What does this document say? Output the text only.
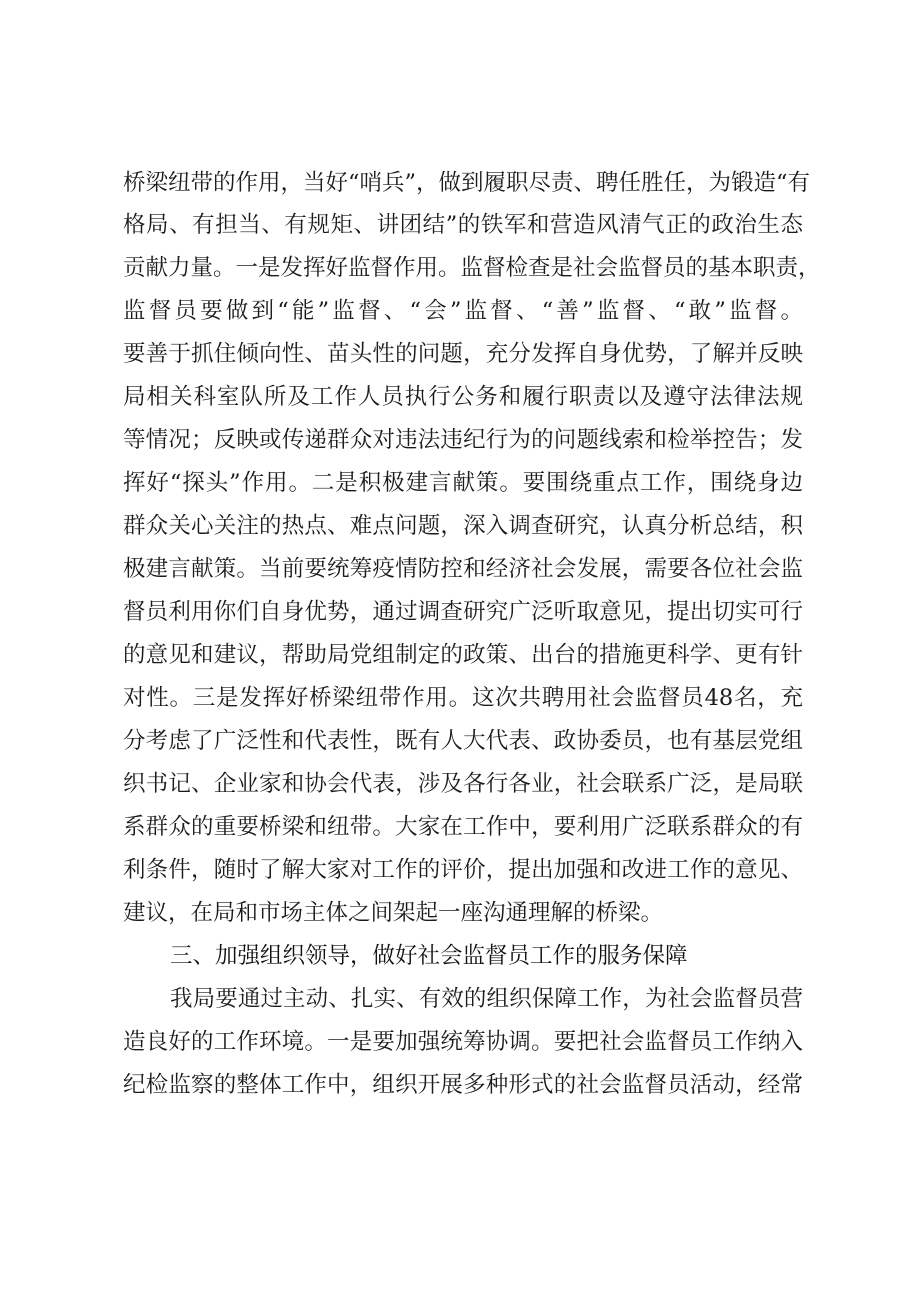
桥梁纽带的作用，当好“哨兵”，做到履职尽责、聘任胜任，为锻造“有

格局、有担当、有规矩、讲团结”的铁军和营造风清气正的政治生态

贡献力量。一是发挥好监督作用。监督检查是社会监督员的基本职责，

监督员要做到“能”监督、“会”监督、“善”监督、“敢”监督。

要善于抓住倾向性、苗头性的问题，充分发挥自身优势，了解并反映

局相关科室队所及工作人员执行公务和履行职责以及遵守法律法规

等情况；反映或传递群众对违法违纪行为的问题线索和检举控告；发

挥好“探头”作用。二是积极建言献策。要围绕重点工作，围绕身边

群众关心关注的热点、难点问题，深入调查研究，认真分析总结，积

极建言献策。当前要统筹疫情防控和经济社会发展，需要各位社会监

督员利用你们自身优势，通过调查研究广泛听取意见，提出切实可行

的意见和建议，帮助局党组制定的政策、出台的措施更科学、更有针

对性。三是发挥好桥梁纽带作用。这次共聘用社会监督员48名，充

分考虑了广泛性和代表性，既有人大代表、政协委员，也有基层党组

织书记、企业家和协会代表，涉及各行各业，社会联系广泛，是局联

系群众的重要桥梁和纽带。大家在工作中，要利用广泛联系群众的有

利条件，随时了解大家对工作的评价，提出加强和改进工作的意见、

建议，在局和市场主体之间架起一座沟通理解的桥梁。

三、加强组织领导，做好社会监督员工作的服务保障

我局要通过主动、扎实、有效的组织保障工作，为社会监督员营

造良好的工作环境。一是要加强统筹协调。要把社会监督员工作纳入

纪检监察的整体工作中，组织开展多种形式的社会监督员活动，经常
